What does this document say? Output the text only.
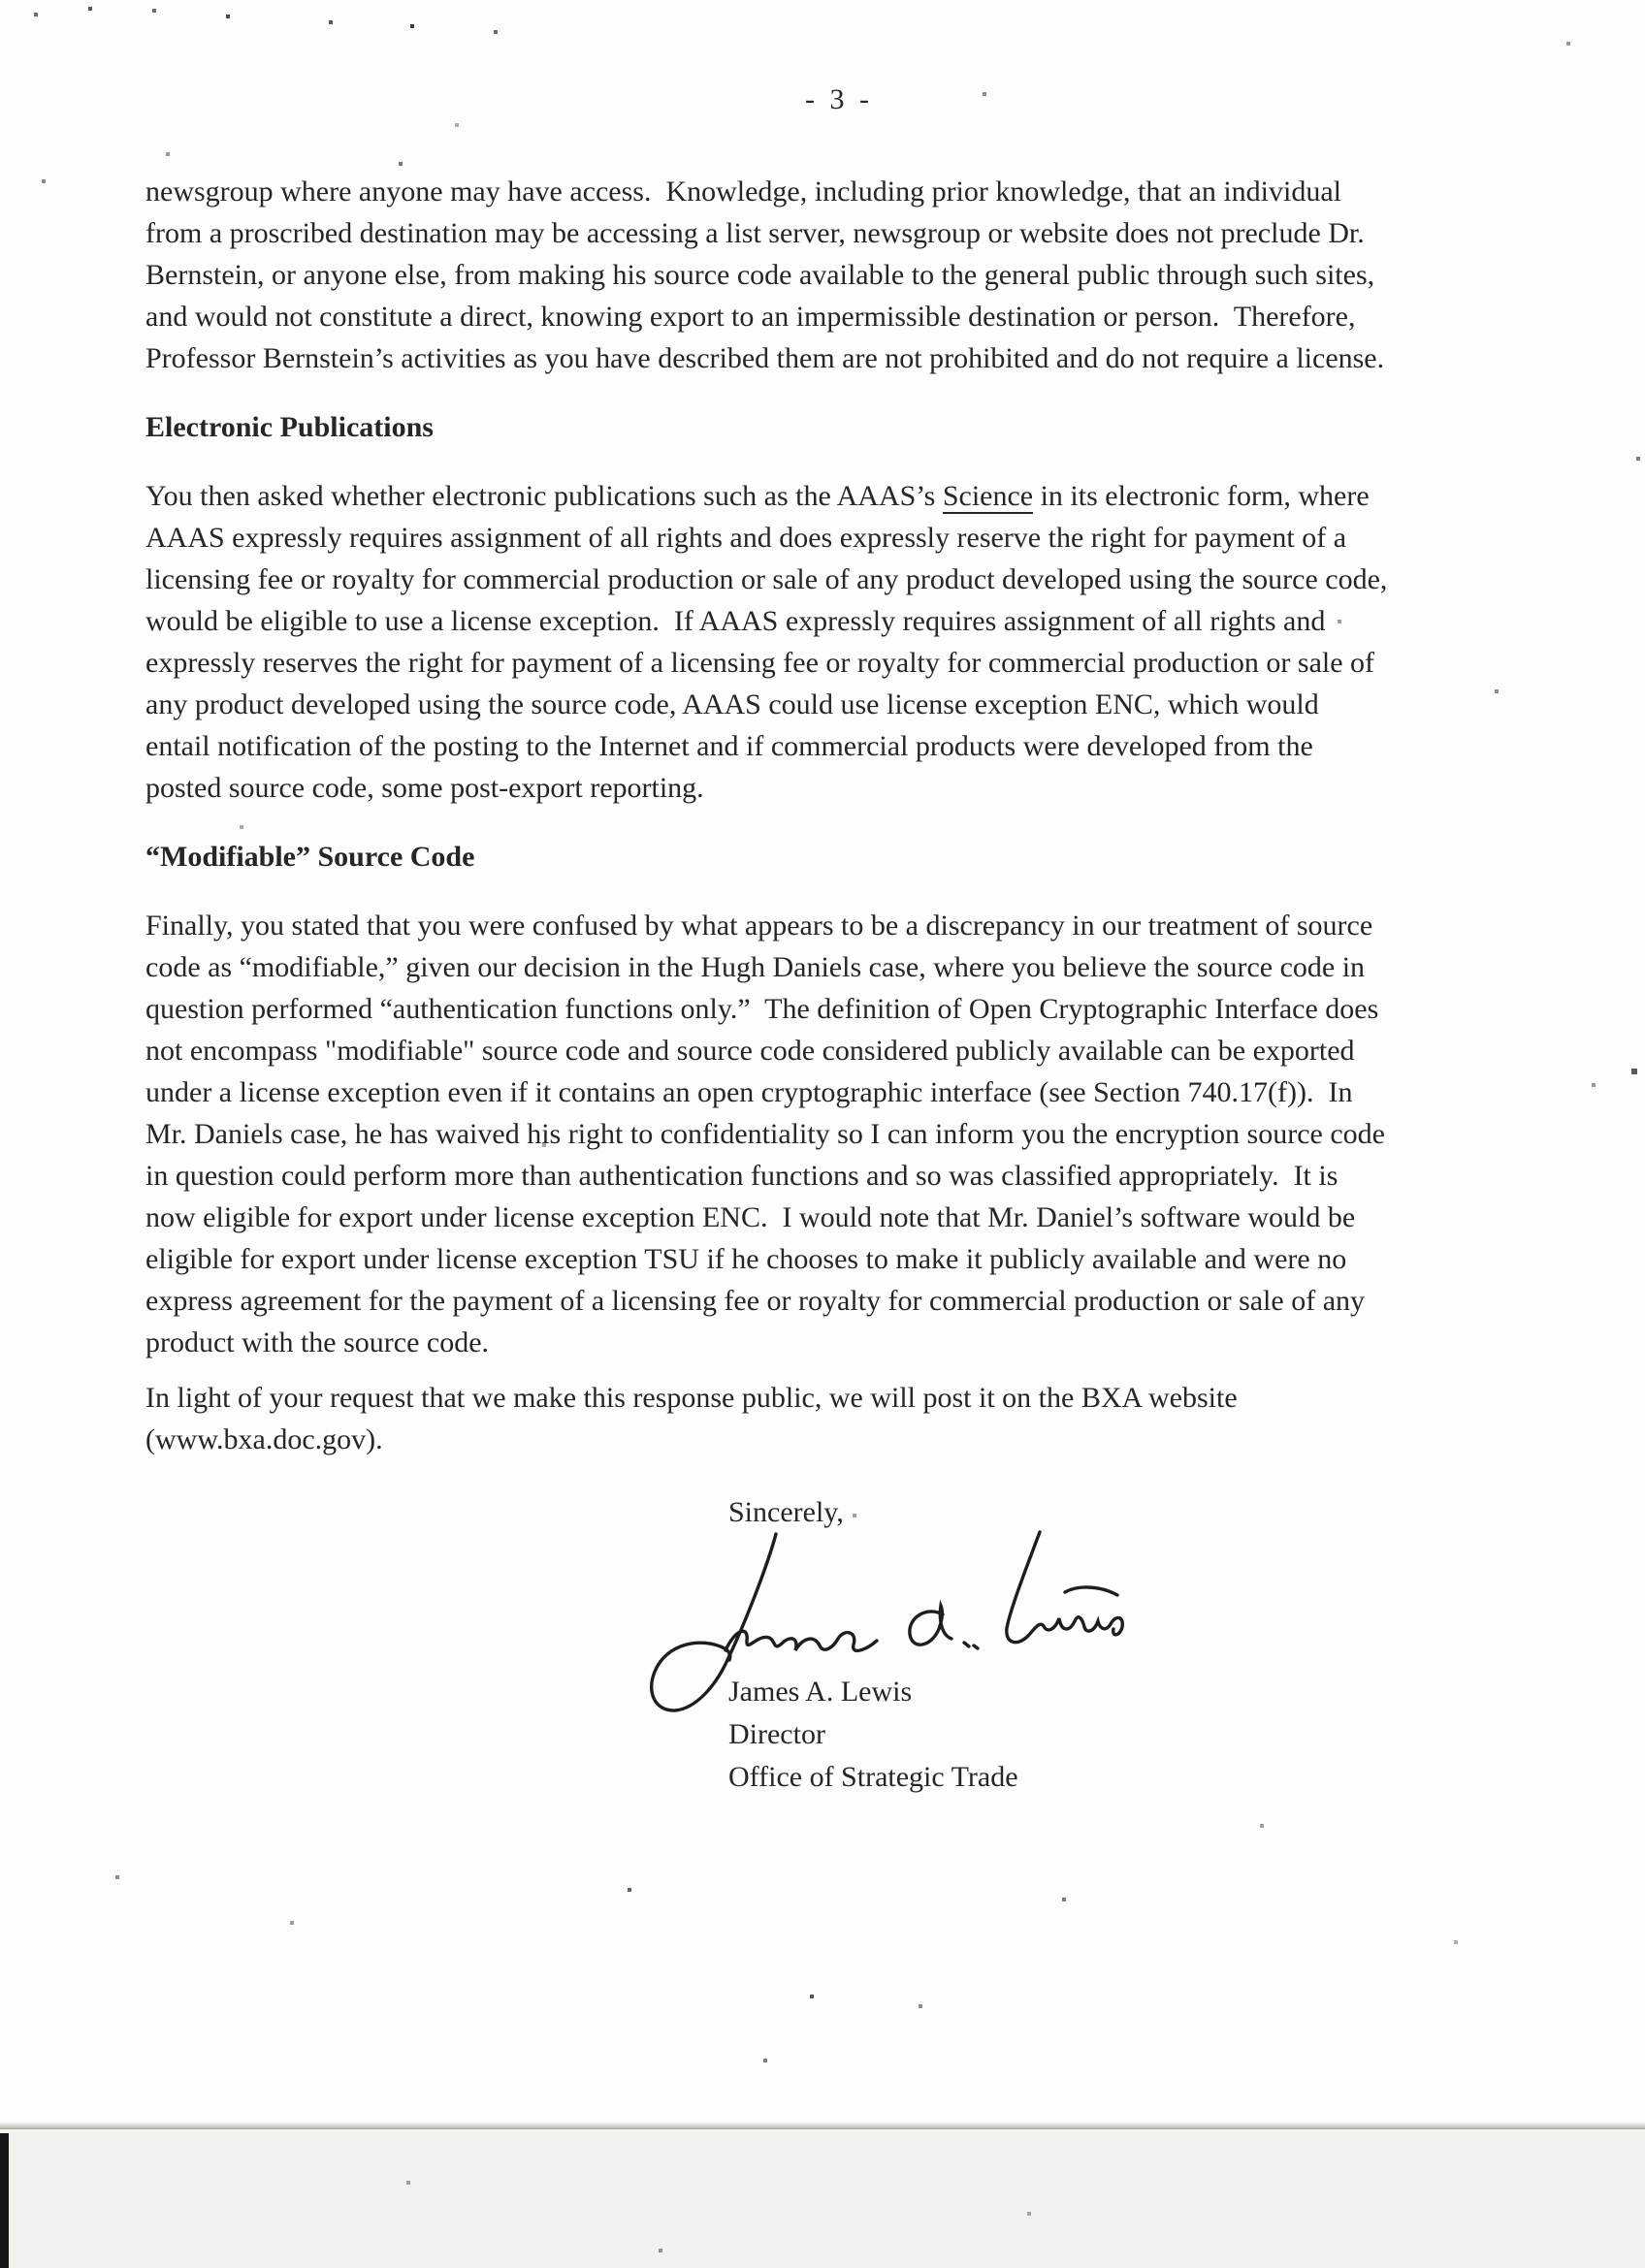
- 3 -
newsgroup where anyone may have access.  Knowledge, including prior knowledge, that an individual
from a proscribed destination may be accessing a list server, newsgroup or website does not preclude Dr.
Bernstein, or anyone else, from making his source code available to the general public through such sites,
and would not constitute a direct, knowing export to an impermissible destination or person.  Therefore,
Professor Bernstein’s activities as you have described them are not prohibited and do not require a license.
Electronic Publications
You then asked whether electronic publications such as the AAAS’s Science in its electronic form, where
AAAS expressly requires assignment of all rights and does expressly reserve the right for payment of a
licensing fee or royalty for commercial production or sale of any product developed using the source code,
would be eligible to use a license exception.  If AAAS expressly requires assignment of all rights and
expressly reserves the right for payment of a licensing fee or royalty for commercial production or sale of
any product developed using the source code, AAAS could use license exception ENC, which would
entail notification of the posting to the Internet and if commercial products were developed from the
posted source code, some post-export reporting.
“Modifiable” Source Code
Finally, you stated that you were confused by what appears to be a discrepancy in our treatment of source
code as “modifiable,” given our decision in the Hugh Daniels case, where you believe the source code in
question performed “authentication functions only.”  The definition of Open Cryptographic Interface does
not encompass "modifiable" source code and source code considered publicly available can be exported
under a license exception even if it contains an open cryptographic interface (see Section 740.17(f)).  In
Mr. Daniels case, he has waived his right to confidentiality so I can inform you the encryption source code
in question could perform more than authentication functions and so was classified appropriately.  It is
now eligible for export under license exception ENC.  I would note that Mr. Daniel’s software would be
eligible for export under license exception TSU if he chooses to make it publicly available and were no
express agreement for the payment of a licensing fee or royalty for commercial production or sale of any
product with the source code.
In light of your request that we make this response public, we will post it on the BXA website
(www.bxa.doc.gov).
Sincerely,
James A. Lewis
Director
Office of Strategic Trade
